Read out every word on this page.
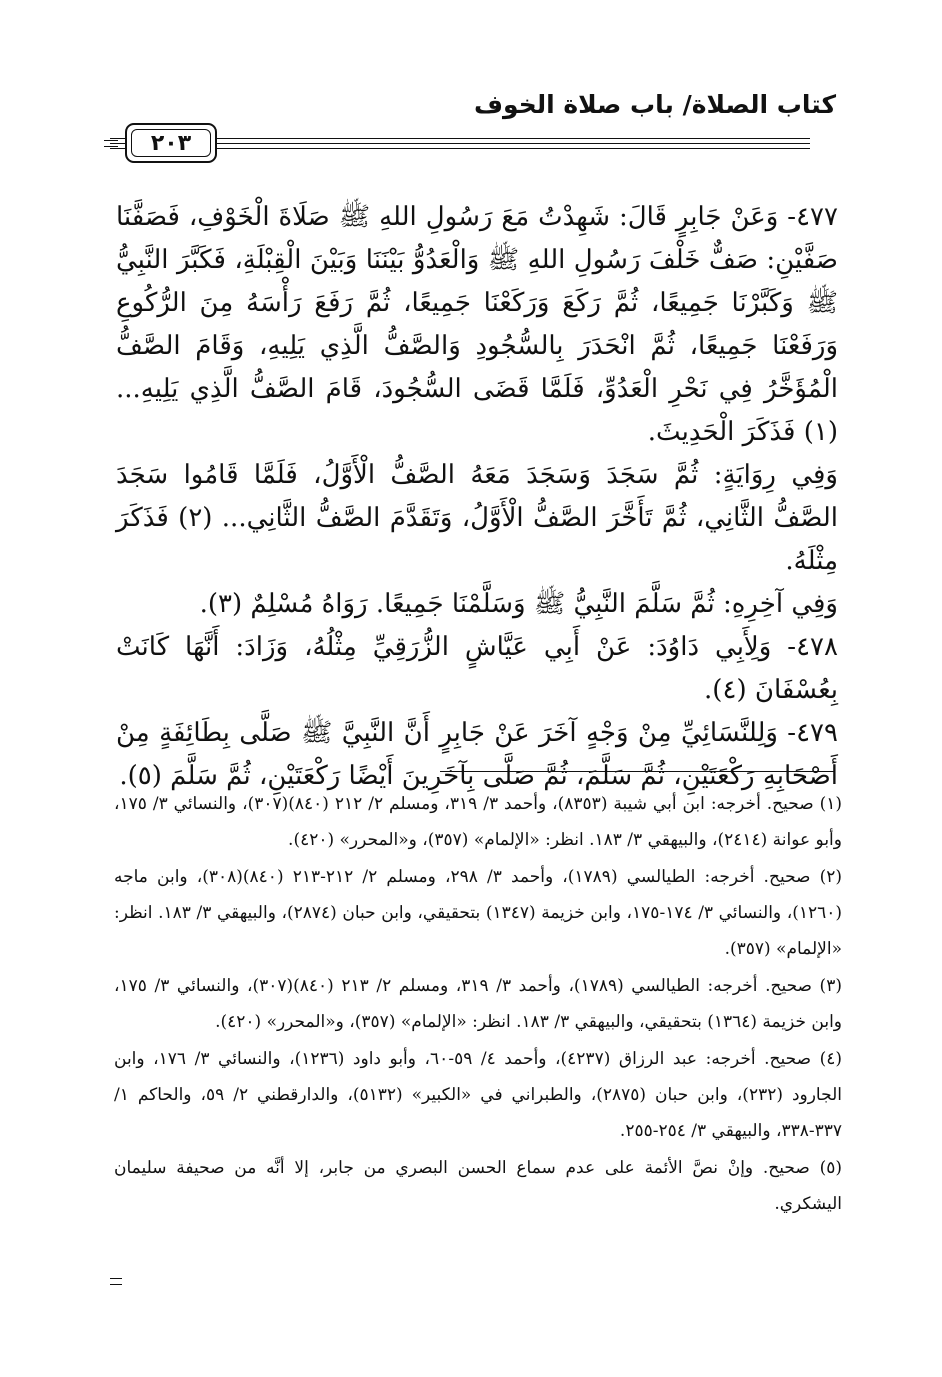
كتاب الصلاة/ باب صلاة الخوف
٢٠٣

٤٧٧- وَعَنْ جَابِرٍ قَالَ: شَهِدْتُ مَعَ رَسُولِ اللهِ ﷺ صَلَاةَ الْخَوْفِ، فَصَفَّنَا صَفَّيْنِ: صَفٌّ خَلْفَ رَسُولِ اللهِ ﷺ وَالْعَدُوُّ بَيْنَنَا وَبَيْنَ الْقِبْلَةِ، فَكَبَّرَ النَّبِيُّ ﷺ وَكَبَّرْنَا جَمِيعًا، ثُمَّ رَكَعَ وَرَكَعْنَا جَمِيعًا، ثُمَّ رَفَعَ رَأْسَهُ مِنَ الرُّكُوعِ وَرَفَعْنَا جَمِيعًا، ثُمَّ انْحَدَرَ بِالسُّجُودِ وَالصَّفُّ الَّذِي يَلِيهِ، وَقَامَ الصَّفُّ الْمُؤَخَّرُ فِي نَحْرِ الْعَدُوِّ، فَلَمَّا قَضَى السُّجُودَ، قَامَ الصَّفُّ الَّذِي يَلِيهِ... (١) فَذَكَرَ الْحَدِيثَ.

وَفِي رِوَايَةٍ: ثُمَّ سَجَدَ وَسَجَدَ مَعَهُ الصَّفُّ الْأَوَّلُ، فَلَمَّا قَامُوا سَجَدَ الصَّفُّ الثَّانِي، ثُمَّ تَأَخَّرَ الصَّفُّ الْأَوَّلُ، وَتَقَدَّمَ الصَّفُّ الثَّانِي... (٢) فَذَكَرَ مِثْلَهُ.

وَفِي آخِرِهِ: ثُمَّ سَلَّمَ النَّبِيُّ ﷺ وَسَلَّمْنَا جَمِيعًا. رَوَاهُ مُسْلِمٌ (٣).

٤٧٨- وَلِأَبِي دَاوُدَ: عَنْ أَبِي عَيَّاشٍ الزُّرَقِيِّ مِثْلُهُ، وَزَادَ: أَنَّهَا كَانَتْ بِعُسْفَانَ (٤).

٤٧٩- وَلِلنَّسَائِيِّ مِنْ وَجْهٍ آخَرَ عَنْ جَابِرٍ أَنَّ النَّبِيَّ ﷺ صَلَّى بِطَائِفَةٍ مِنْ أَصْحَابِهِ رَكْعَتَيْنِ، ثُمَّ سَلَّمَ، ثُمَّ صَلَّى بِآخَرِينَ أَيْضًا رَكْعَتَيْنِ، ثُمَّ سَلَّمَ (٥).

(١) صحيح. أخرجه: ابن أبي شيبة (٨٣٥٣)، وأحمد ٣/ ٣١٩، ومسلم ٢/ ٢١٢ (٨٤٠)(٣٠٧)، والنسائي ٣/ ١٧٥، وأبو عوانة (٢٤١٤)، والبيهقي ٣/ ١٨٣. انظر: «الإلمام» (٣٥٧)، و«المحرر» (٤٢٠).

(٢) صحيح. أخرجه: الطيالسي (١٧٨٩)، وأحمد ٣/ ٢٩٨، ومسلم ٢/ ٢١٢-٢١٣ (٨٤٠)(٣٠٨)، وابن ماجه (١٢٦٠)، والنسائي ٣/ ١٧٤-١٧٥، وابن خزيمة (١٣٤٧) بتحقيقي، وابن حبان (٢٨٧٤)، والبيهقي ٣/ ١٨٣. انظر: «الإلمام» (٣٥٧).

(٣) صحيح. أخرجه: الطيالسي (١٧٨٩)، وأحمد ٣/ ٣١٩، ومسلم ٢/ ٢١٣ (٨٤٠)(٣٠٧)، والنسائي ٣/ ١٧٥، وابن خزيمة (١٣٦٤) بتحقيقي، والبيهقي ٣/ ١٨٣. انظر: «الإلمام» (٣٥٧)، و«المحرر» (٤٢٠).

(٤) صحيح. أخرجه: عبد الرزاق (٤٢٣٧)، وأحمد ٤/ ٥٩-٦٠، وأبو داود (١٢٣٦)، والنسائي ٣/ ١٧٦، وابن الجارود (٢٣٢)، وابن حبان (٢٨٧٥)، والطبراني في «الكبير» (٥١٣٢)، والدارقطني ٢/ ٥٩، والحاكم ١/ ٣٣٧-٣٣٨، والبيهقي ٣/ ٢٥٤-٢٥٥.

(٥) صحيح. وإنْ نصَّ الأئمة على عدم سماع الحسن البصري من جابر، إلا أنَّه من صحيفة سليمان اليشكري.
